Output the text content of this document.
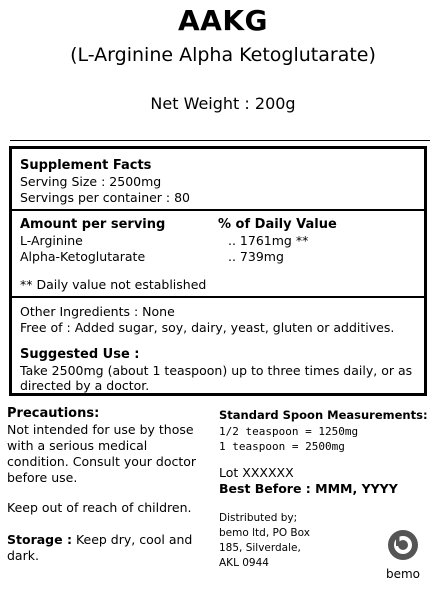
AAKG
(L-Arginine Alpha Ketoglutarate)
Net Weight : 200g
Supplement Facts
Serving Size : 2500mg
Servings per container : 80
Amount per serving	% of Daily Value
L-Arginine	.. 1761mg **
Alpha-Ketoglutarate	.. 739mg
** Daily value not established
Other Ingredients : None
Free of : Added sugar, soy, dairy, yeast, gluten or additives.
Suggested Use :
Take 2500mg (about 1 teaspoon) up to three times daily, or as
directed by a doctor.
Precautions:
Not intended for use by those
with a serious medical
condition. Consult your doctor
before use.
Keep out of reach of children.
Storage : Keep dry, cool and
dark.
Standard Spoon Measurements:
1/2 teaspoon = 1250mg
1 teaspoon = 2500mg
Lot XXXXXX
Best Before : MMM, YYYY
Distributed by;
bemo ltd, PO Box
185, Silverdale,
AKL 0944
bemo
